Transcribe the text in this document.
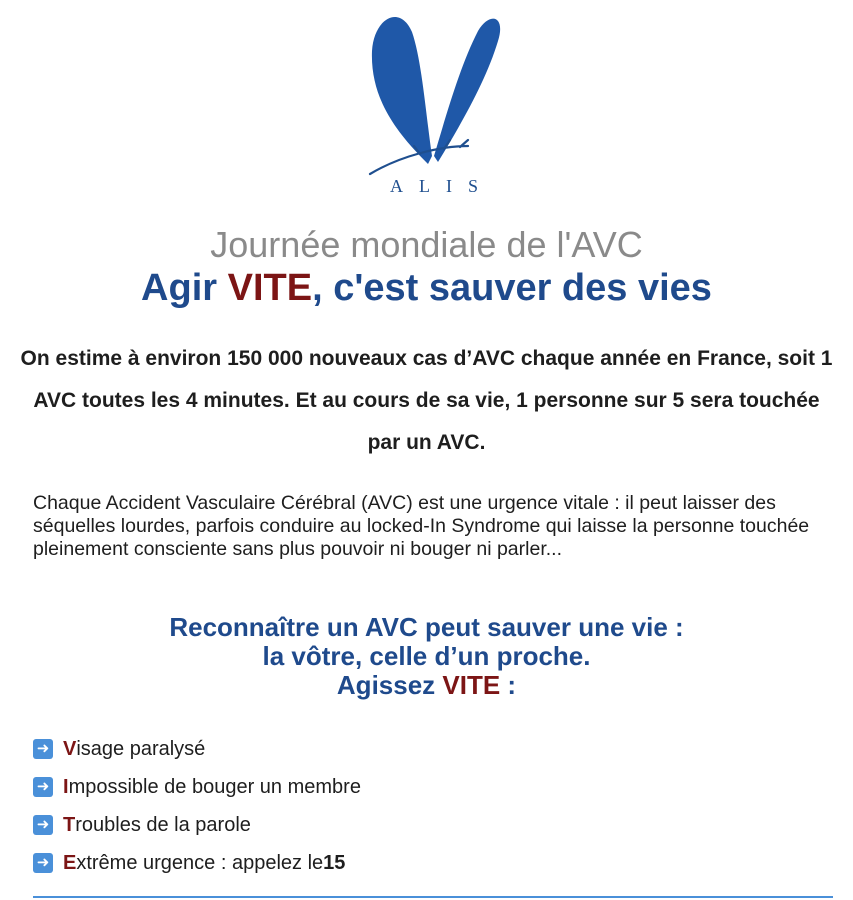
ALIS
Journée mondiale de l'AVC
Agir VITE, c'est sauver des vies
On estime à environ 150 000 nouveaux cas d’AVC chaque année en France, soit 1 AVC toutes les 4 minutes. Et au cours de sa vie, 1 personne sur 5 sera touchée par un AVC.
Chaque Accident Vasculaire Cérébral (AVC) est une urgence vitale : il peut laisser des séquelles lourdes, parfois conduire au locked-In Syndrome qui laisse la personne touchée pleinement consciente sans plus pouvoir ni bouger ni parler...
Reconnaître un AVC peut sauver une vie :
la vôtre, celle d’un proche.
Agissez VITE :
➜ V isage paralysé
➜ I mpossible de bouger un membre
➜ T roubles de la parole
➜ E xtrême urgence : appelez le 15
